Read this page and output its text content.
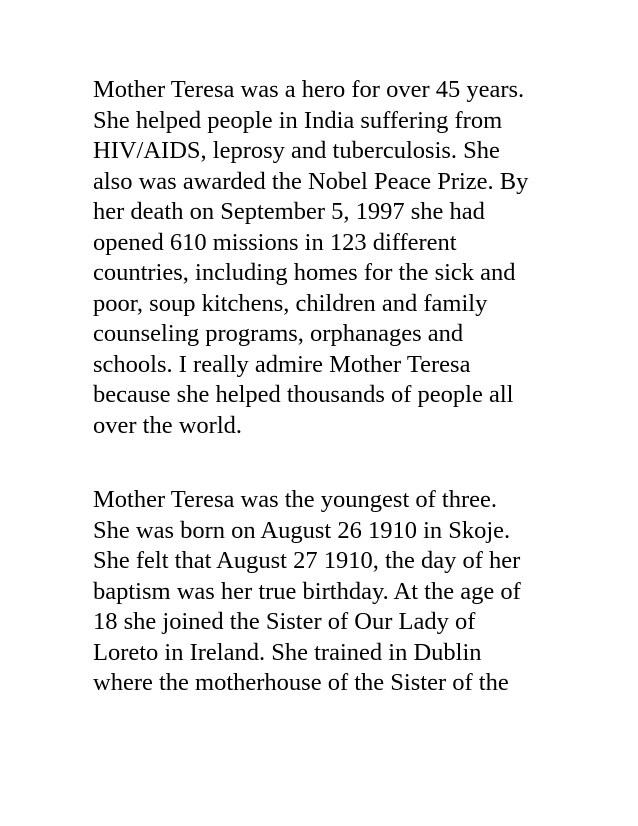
Mother Teresa was a hero for over 45 years.
She helped people in India suffering from
HIV/AIDS, leprosy and tuberculosis. She
also was awarded the Nobel Peace Prize. By
her death on September 5, 1997 she had
opened 610 missions in 123 different
countries, including homes for the sick and
poor, soup kitchens, children and family
counseling programs, orphanages and
schools. I really admire Mother Teresa
because she helped thousands of people all
over the world.

Mother Teresa was the youngest of three.
She was born on August 26 1910 in Skoje.
She felt that August 27 1910, the day of her
baptism was her true birthday. At the age of
18 she joined the Sister of Our Lady of
Loreto in Ireland. She trained in Dublin
where the motherhouse of the Sister of the
